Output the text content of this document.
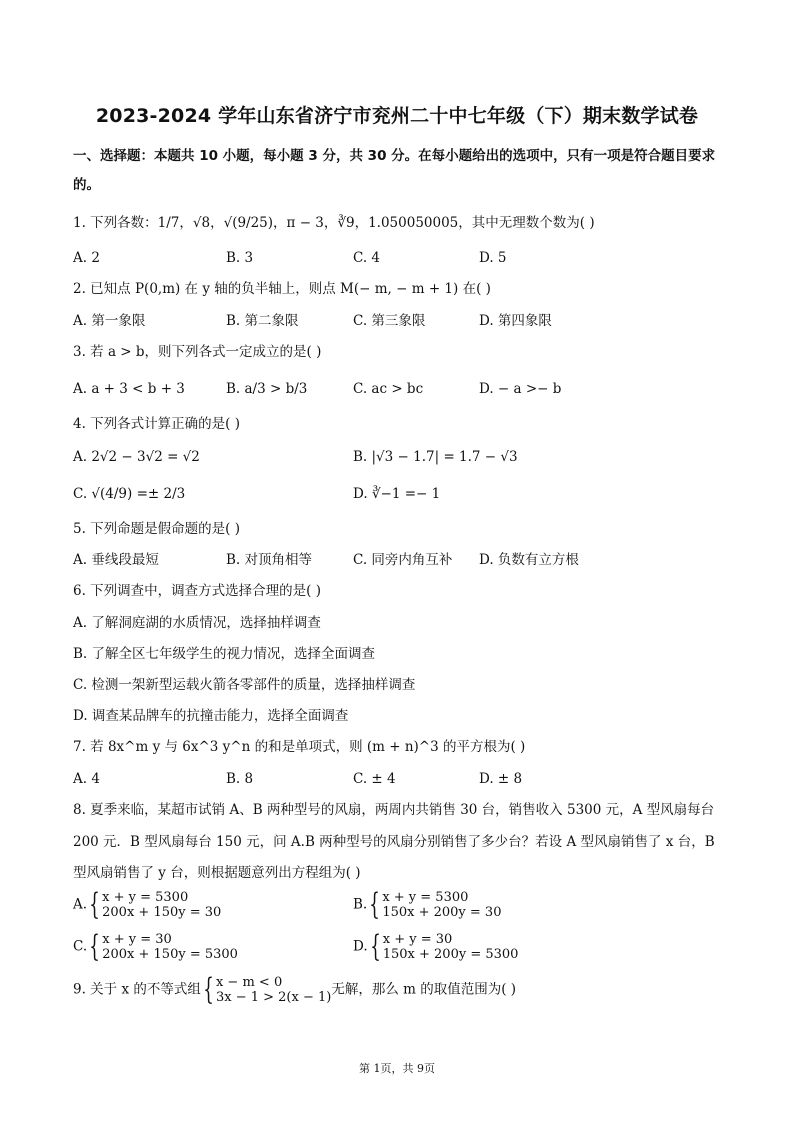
2023-2024 学年山东省济宁市兖州二十中七年级（下）期末数学试卷
一、选择题：本题共 10 小题，每小题 3 分，共 30 分。在每小题给出的选项中，只有一项是符合题目要求的。
1. 下列各数：1/7，√8，√(9/25)，π − 3，∛9，1.050050005，其中无理数个数为( )
A. 2	B. 3	C. 4	D. 5
2. 已知点 P(0,m) 在 y 轴的负半轴上，则点 M(− m, − m + 1) 在( )
A. 第一象限	B. 第二象限	C. 第三象限	D. 第四象限
3. 若 a > b，则下列各式一定成立的是( )
A. a + 3 < b + 3	B. a/3 > b/3	C. ac > bc	D. − a >− b
4. 下列各式计算正确的是( )
A. 2√2 − 3√2 = √2	B. |√3 − 1.7| = 1.7 − √3
C. √(4/9) =± 2/3	D. ∛−1 =− 1
5. 下列命题是假命题的是( )
A. 垂线段最短	B. 对顶角相等	C. 同旁内角互补 D. 负数有立方根
6. 下列调查中，调查方式选择合理的是( )
A. 了解洞庭湖的水质情况，选择抽样调查
B. 了解全区七年级学生的视力情况，选择全面调查
C. 检测一架新型运载火箭各零部件的质量，选择抽样调查
D. 调查某品牌车的抗撞击能力，选择全面调查
7. 若 8x^m y 与 6x^3 y^n 的和是单项式，则 (m + n)^3 的平方根为( )
A. 4	B. 8	C. ± 4	D. ± 8
8. 夏季来临，某超市试销 A、B 两种型号的风扇，两周内共销售 30 台，销售收入 5300 元，A 型风扇每台
200 元．B 型风扇每台 150 元，问 A.B 两种型号的风扇分别销售了多少台？若设 A 型风扇销售了 x 台，B
型风扇销售了 y 台，则根据题意列出方程组为( )
A.{ x + y = 5300
200x + 150y = 30	B.{ x + y = 5300
150x + 200y = 30
C.{ x + y = 30
200x + 150y = 5300	D.{ x + y = 30
150x + 200y = 5300
9. 关于 x 的不等式组{ x − m < 0
3x − 1 > 2(x − 1) 无解，那么 m 的取值范围为( )
第 1页，共 9页
